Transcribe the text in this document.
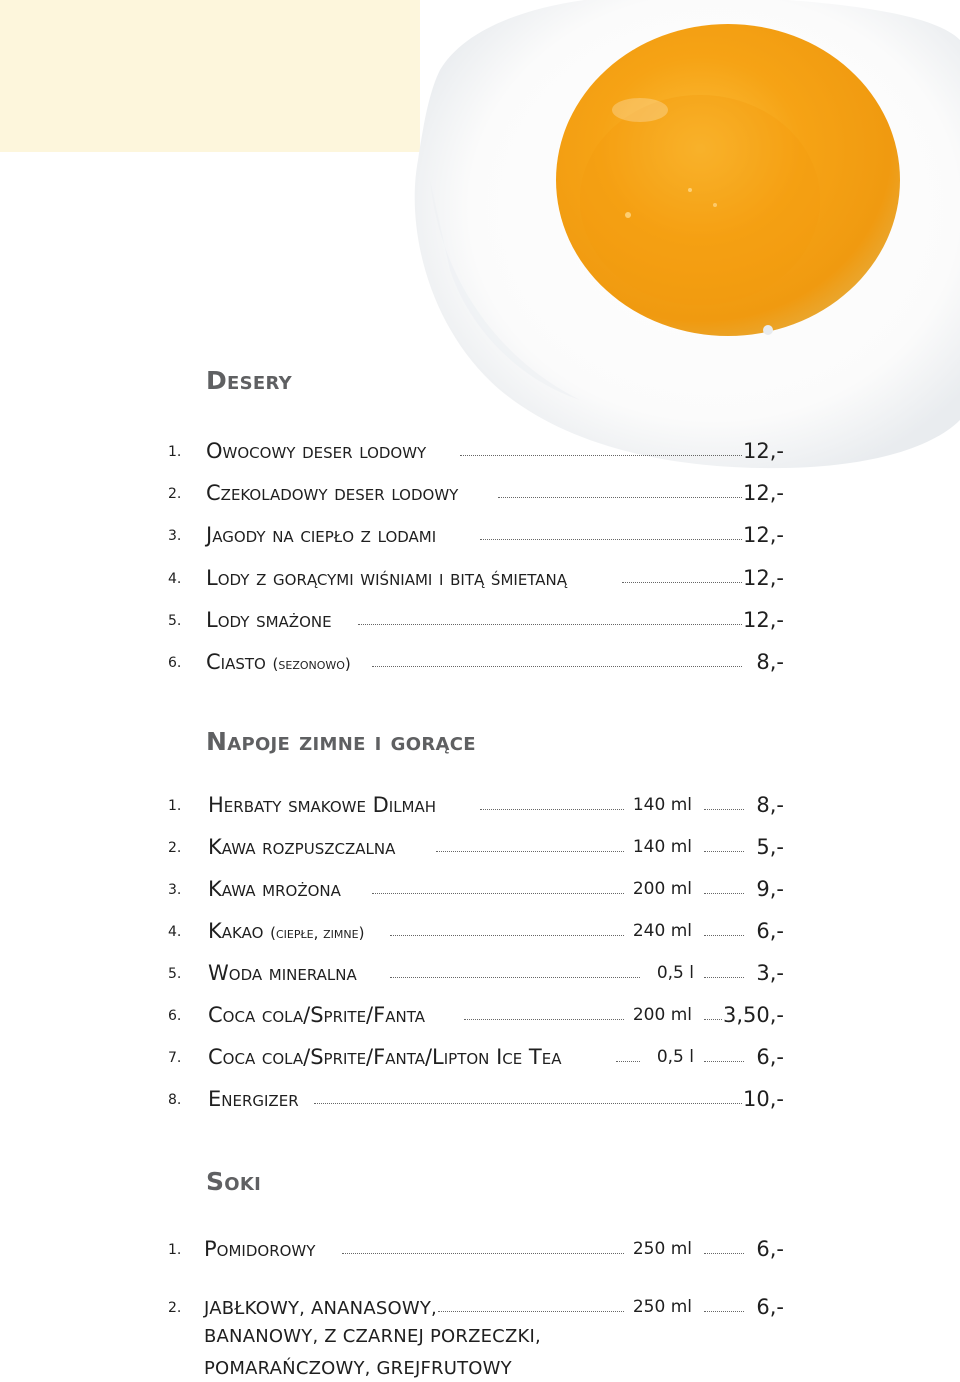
Desery
1.	Owocowy deser lodowy	12,-
2.	Czekoladowy deser lodowy	12,-
3.	Jagody na ciepło z lodami	12,-
4.	Lody z gorącymi wiśniami i bitą śmietaną	12,-
5.	Lody smażone	12,-
6.	Ciasto (sezonowo)	8,-
Napoje zimne i gorące
1.	Herbaty smakowe Dilmah	140 ml	8,-
2.	Kawa rozpuszczalna	140 ml	5,-
3.	Kawa mrożona	200 ml	9,-
4.	Kakao (ciepłe, zimne)	240 ml	6,-
5.	Woda mineralna	0,5 l	3,-
6.	Coca cola/Sprite/Fanta	200 ml 3,50,-
7.	Coca cola/Sprite/Fanta/Lipton Ice Tea	0,5 l	6,-
8.	Energizer	10,-
Soki
1.	Pomidorowy	250 ml	6,-
2.	JABŁKOWY, ANANASOWY,	250 ml	6,-
BANANOWY, Z CZARNEJ PORZECZKI,
POMARAŃCZOWY, GREJFRUTOWY
